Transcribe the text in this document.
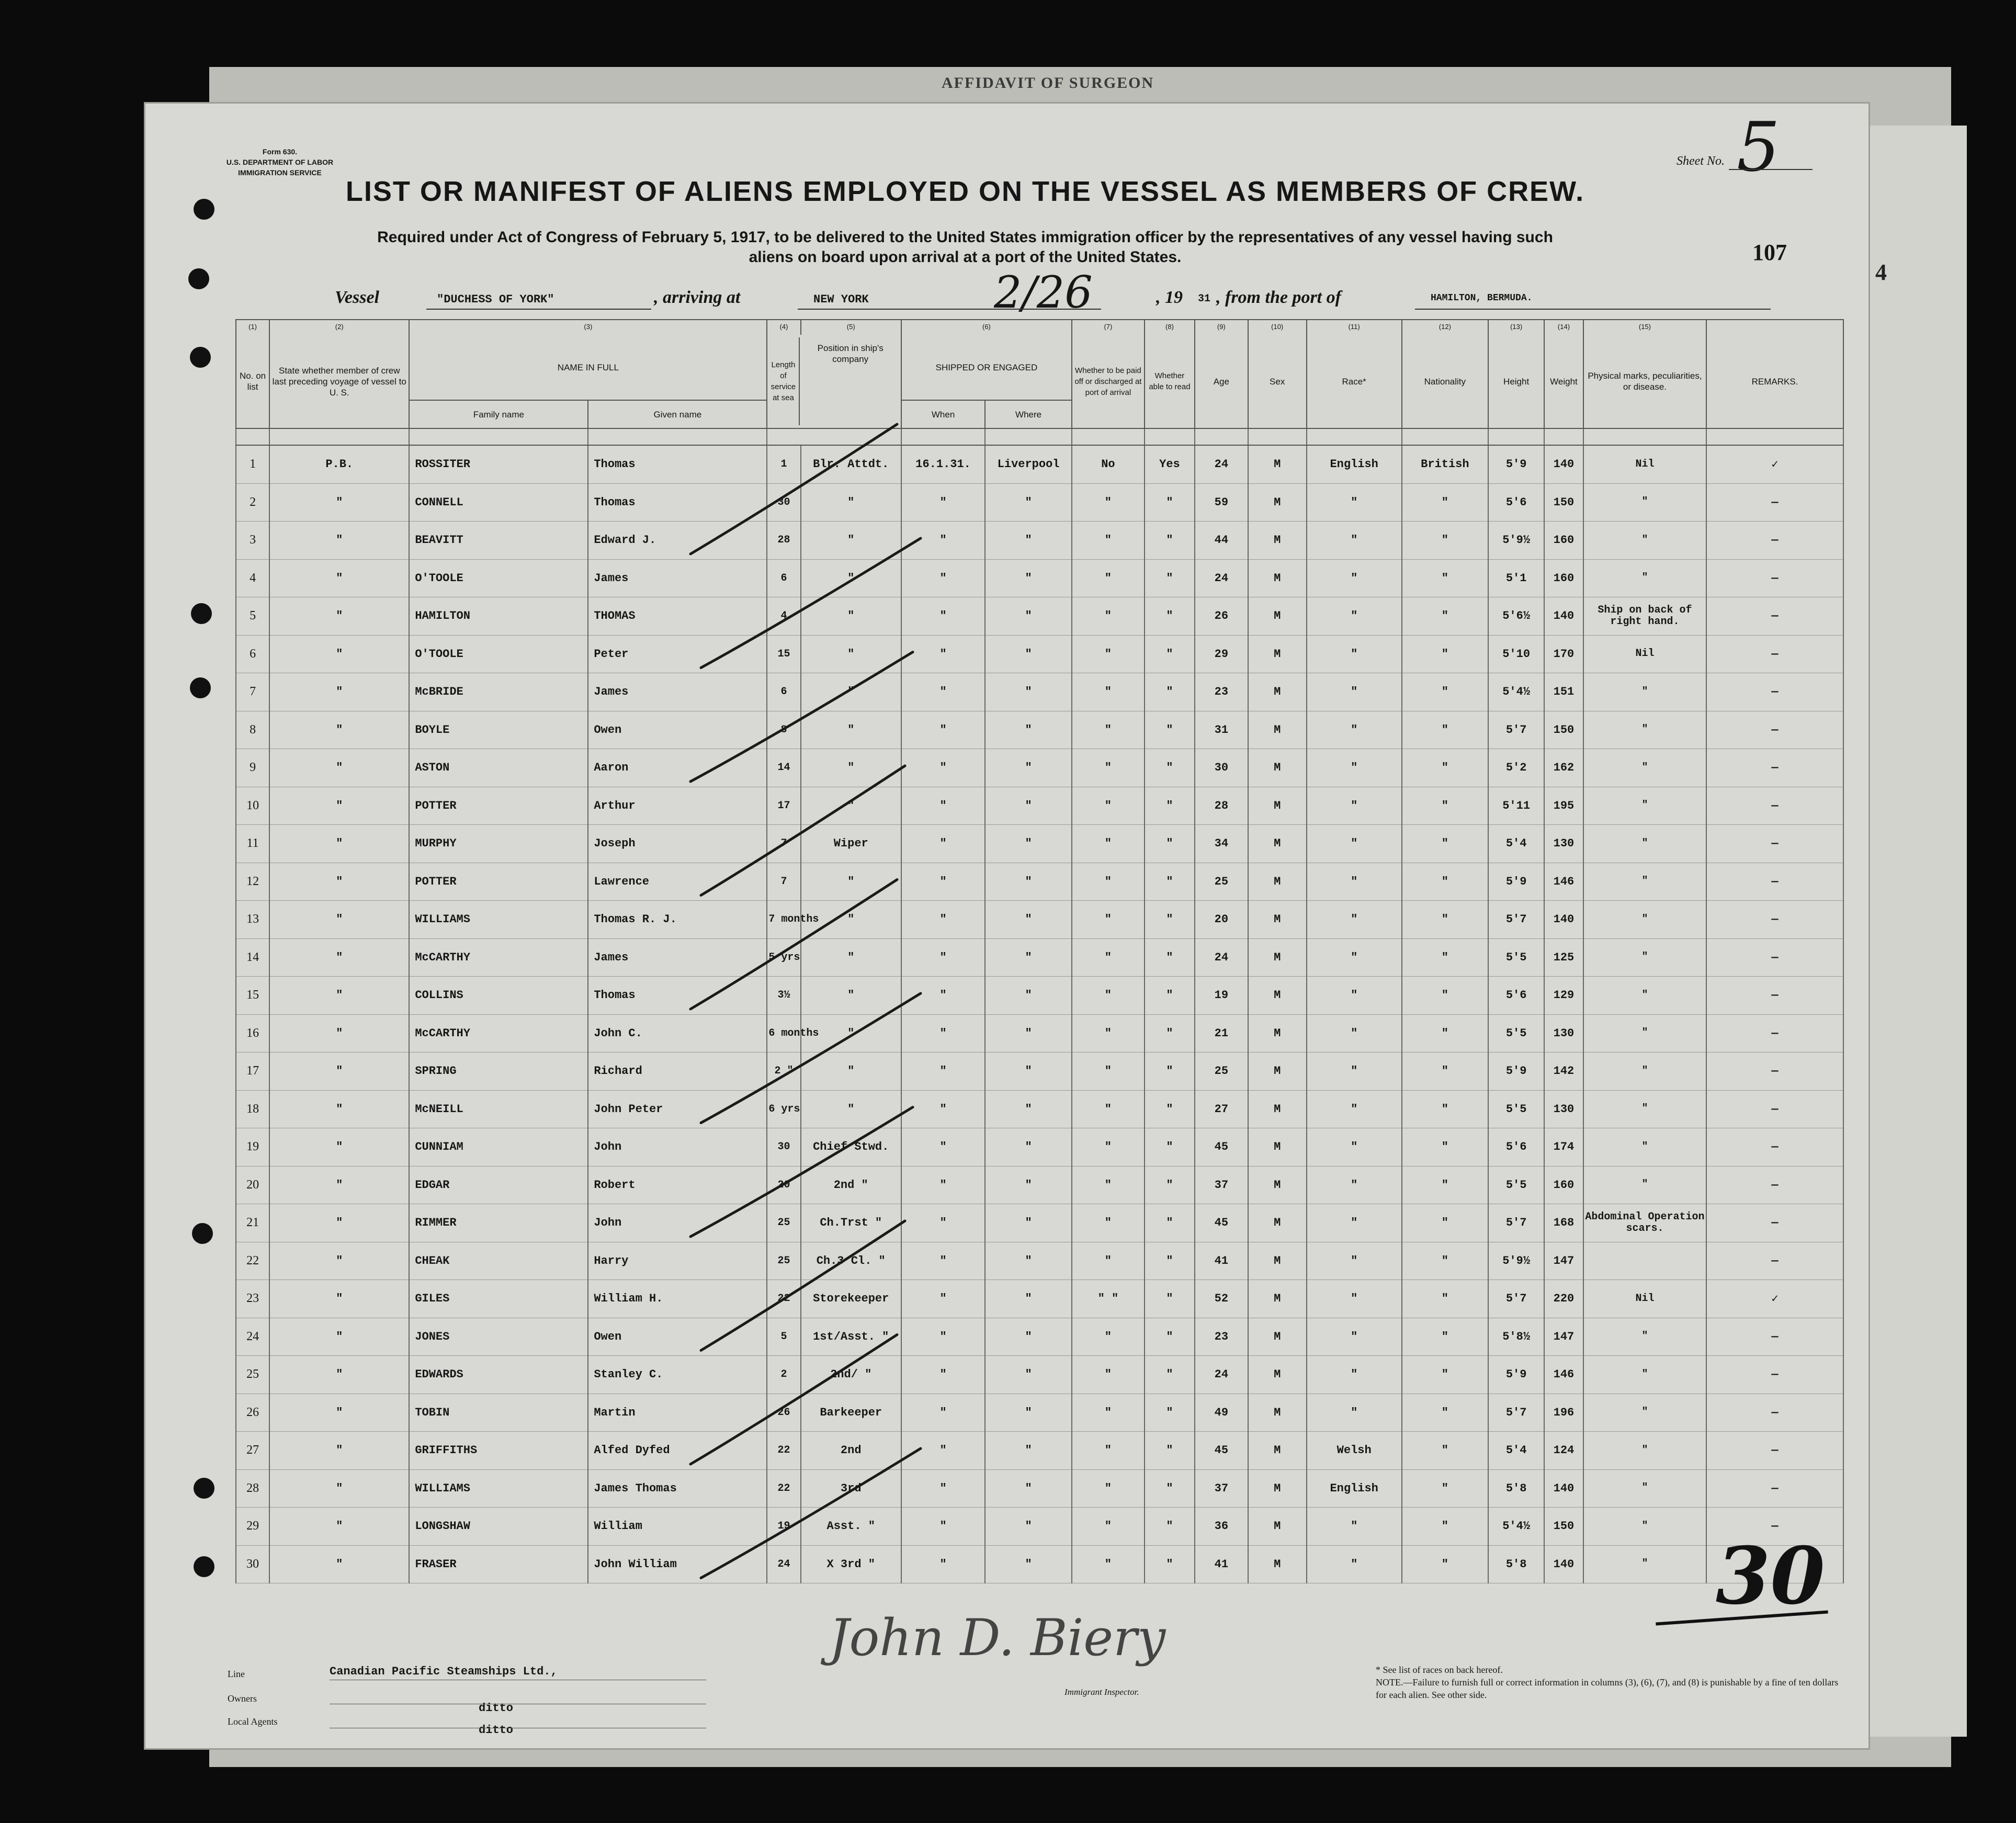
AFFIDAVIT OF SURGEON
4
Form 630.
U.S. DEPARTMENT OF LABOR
IMMIGRATION SERVICE
Sheet No. 5
LIST OR MANIFEST OF ALIENS EMPLOYED ON THE VESSEL AS MEMBERS OF CREW.
Required under Act of Congress of February 5, 1917, to be delivered to the United States immigration officer by the representatives of any vessel having such
aliens on board upon arrival at a port of the United States.	107
Vessel	"DUCHESS OF YORK"	, arriving at	NEW YORK	2/26	, 19 31 , from the port of	HAMILTON, BERMUDA.
(1)	(2)	(3)		(4)	(5)	(6)		(7)	(8)	(9)	(10)	(11)	(12)	(13)	(14)	(15)	
No. on list	State whether member of crew last preceding voyage of vessel to U. S.	NAME IN FULL		Length of service at sea
Position in ship's company		SHIPPED OR ENGAGED		Whether to be paid off or discharged at port of arrival	Whether able to read	Age	Sex	Race*	Nationality	Height	Weight	Physical marks, peculiarities, or disease.	REMARKS.
		Family name	Given name			When	Where										

1	P.B.	ROSSITER	Thomas	1	Blr. Attdt.	16.1.31.	Liverpool	No	Yes	24	M	English	British	5'9	140	Nil	✓
2	"	CONNELL	Thomas	30	"	"	"	"	"	59	M	"	"	5'6	150	"	—
3	"	BEAVITT	Edward J.	28	"	"	"	"	"	44	M	"	"	5'9½	160	"	—
4	"	O'TOOLE	James	6	"	"	"	"	"	24	M	"	"	5'1	160	"	—
5	"	HAMILTON	THOMAS	4	"	"	"	"	"	26	M	"	"	5'6½	140	Ship on back of right hand.	—
6	"	O'TOOLE	Peter	15	"	"	"	"	"	29	M	"	"	5'10	170	Nil	—
7	"	McBRIDE	James	6	"	"	"	"	"	23	M	"	"	5'4½	151	"	—
8	"	BOYLE	Owen	8	"	"	"	"	"	31	M	"	"	5'7	150	"	—
9	"	ASTON	Aaron	14	"	"	"	"	"	30	M	"	"	5'2	162	"	—
10	"	POTTER	Arthur	17	"	"	"	"	"	28	M	"	"	5'11	195	"	—
11	"	MURPHY	Joseph	7	Wiper	"	"	"	"	34	M	"	"	5'4	130	"	—
12	"	POTTER	Lawrence	7	"	"	"	"	"	25	M	"	"	5'9	146	"	—
13	"	WILLIAMS	Thomas R. J.	7 months	"	"	"	"	"	20	M	"	"	5'7	140	"	—
14	"	McCARTHY	James	5 yrs	"	"	"	"	"	24	M	"	"	5'5	125	"	—
15	"	COLLINS	Thomas	3½	"	"	"	"	"	19	M	"	"	5'6	129	"	—
16	"	McCARTHY	John C.	6 months	"	"	"	"	"	21	M	"	"	5'5	130	"	—
17	"	SPRING	Richard	2 "	"	"	"	"	"	25	M	"	"	5'9	142	"	—
18	"	McNEILL	John Peter	6 yrs	"	"	"	"	"	27	M	"	"	5'5	130	"	—
19	"	CUNNIAM	John	30	Chief Stwd.	"	"	"	"	45	M	"	"	5'6	174	"	—
20	"	EDGAR	Robert	20	2nd "	"	"	"	"	37	M	"	"	5'5	160	"	—
21	"	RIMMER	John	25	Ch.Trst "	"	"	"	"	45	M	"	"	5'7	168	Abdominal Operation scars.	—
22	"	CHEAK	Harry	25	Ch.3 Cl. "	"	"	"	"	41	M	"	"	5'9½	147		—
23	"	GILES	William H.	22	Storekeeper	"	"	" "	"	52	M	"	"	5'7	220	Nil	✓
24	"	JONES	Owen	5	1st/Asst. "	"	"	"	"	23	M	"	"	5'8½	147	"	—
25	"	EDWARDS	Stanley C.	2	2nd/ "	"	"	"	"	24	M	"	"	5'9	146	"	—
26	"	TOBIN	Martin	26	Barkeeper	"	"	"	"	49	M	"	"	5'7	196	"	—
27	"	GRIFFITHS	Alfed Dyfed	22	2nd	"	"	"	"	45	M	Welsh	"	5'4	124	"	—
28	"	WILLIAMS	James Thomas	22	3rd	"	"	"	"	37	M	English	"	5'8	140	"	—
29	"	LONGSHAW	William	19	Asst. "	"	"	"	"	36	M	"	"	5'4½	150	"	—
30	"	FRASER	John William	24	X 3rd "	"	"	"	"	41	M	"	"	5'8	140	"	30
Line	Canadian Pacific Steamships Ltd.,
Owners
ditto
Local Agents
ditto
John D. Biery
Immigrant Inspector.
* See list of races on back hereof.
NOTE.—Failure to furnish full or correct information in columns (3), (6), (7), and (8) is punishable by a fine of ten dollars for each alien. See other side.
